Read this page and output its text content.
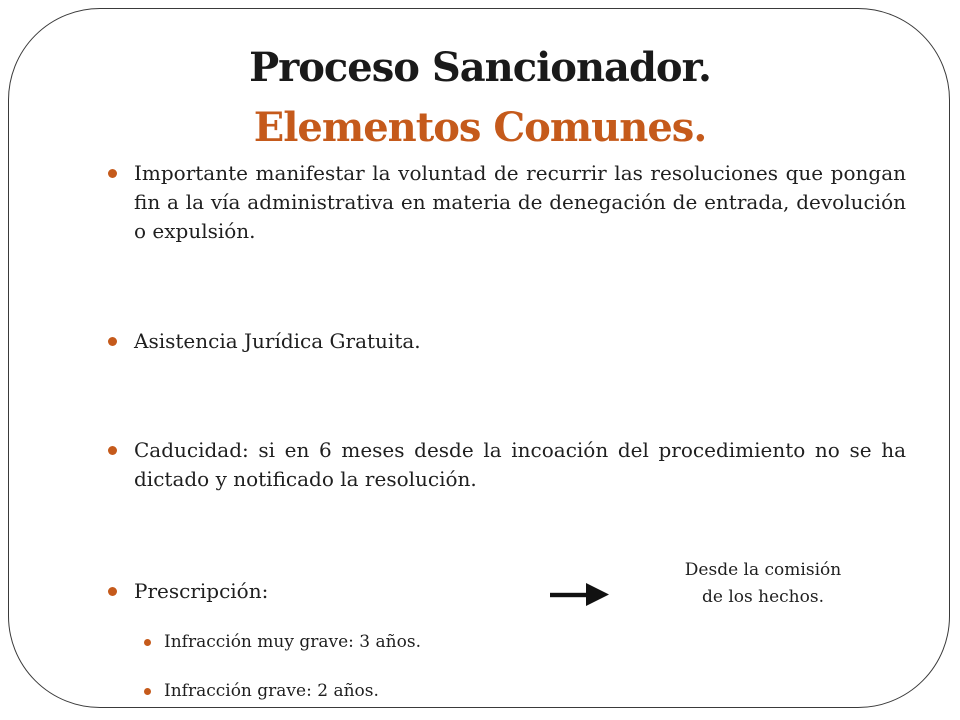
Proceso Sancionador.
Elementos Comunes.
Importante manifestar la voluntad de recurrir las resoluciones que pongan fin a la vía administrativa en materia de denegación de entrada, devolución o expulsión.
Asistencia Jurídica Gratuita.
Caducidad: si en 6 meses desde la incoación del procedimiento no se ha dictado y notificado la resolución.
Prescripción:
Desde la comisión
de los hechos.
Infracción muy grave: 3 años.
Infracción grave: 2 años.
